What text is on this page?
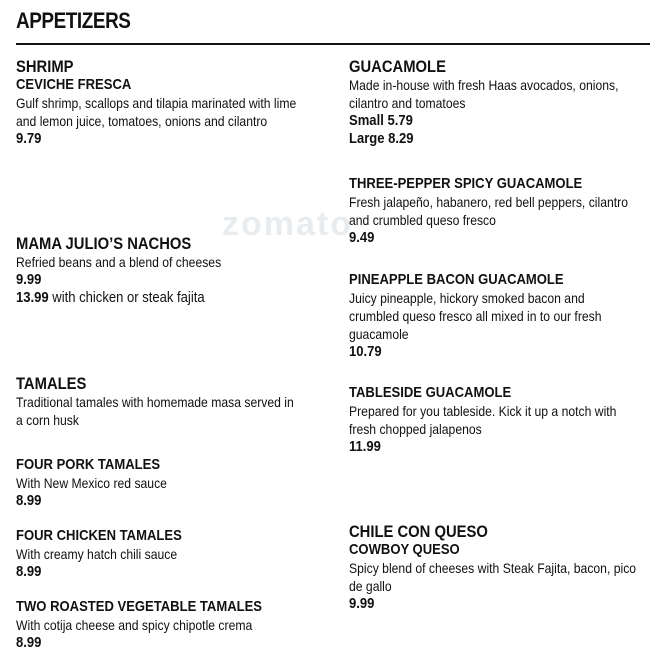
APPETIZERS
zomato
SHRIMP
CEVICHE FRESCA
Gulf shrimp, scallops and tilapia marinated with lime and lemon juice, tomatoes, onions and cilantro
9.79
MAMA JULIO’S NACHOS
Refried beans and a blend of cheeses
9.99
13.99 with chicken or steak fajita
TAMALES
Traditional tamales with homemade masa served in a corn husk
FOUR PORK TAMALES
With New Mexico red sauce
8.99
FOUR CHICKEN TAMALES
With creamy hatch chili sauce
8.99
TWO ROASTED VEGETABLE TAMALES
With cotija cheese and spicy chipotle crema
8.99
GUACAMOLE
Made in-house with fresh Haas avocados, onions, cilantro and tomatoes
Small 5.79
Large 8.29
THREE-PEPPER SPICY GUACAMOLE
Fresh jalapeño, habanero, red bell peppers, cilantro and crumbled queso fresco
9.49
PINEAPPLE BACON GUACAMOLE
Juicy pineapple, hickory smoked bacon and crumbled queso fresco all mixed in to our fresh guacamole
10.79
TABLESIDE GUACAMOLE
Prepared for you tableside. Kick it up a notch with fresh chopped jalapenos
11.99
CHILE CON QUESO
COWBOY QUESO
Spicy blend of cheeses with Steak Fajita, bacon, pico de gallo
9.99
